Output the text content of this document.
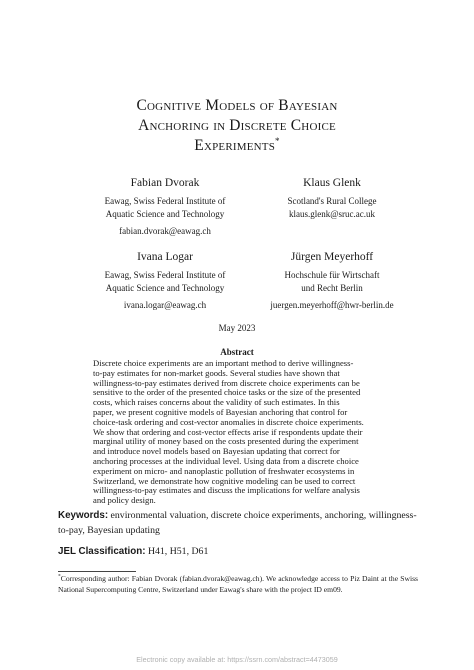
Cognitive Models of Bayesian
Anchoring in Discrete Choice
Experiments*
Fabian Dvorak
Eawag, Swiss Federal Institute of
Aquatic Science and Technology
fabian.dvorak@eawag.ch
Klaus Glenk
Scotland's Rural College
klaus.glenk@sruc.ac.uk
Ivana Logar
Eawag, Swiss Federal Institute of
Aquatic Science and Technology
ivana.logar@eawag.ch
Jürgen Meyerhoff
Hochschule für Wirtschaft
und Recht Berlin
juergen.meyerhoff@hwr-berlin.de
May 2023
Abstract
Discrete choice experiments are an important method to derive willingness-
to-pay estimates for non-market goods. Several studies have shown that
willingness-to-pay estimates derived from discrete choice experiments can be
sensitive to the order of the presented choice tasks or the size of the presented
costs, which raises concerns about the validity of such estimates. In this
paper, we present cognitive models of Bayesian anchoring that control for
choice-task ordering and cost-vector anomalies in discrete choice experiments.
We show that ordering and cost-vector effects arise if respondents update their
marginal utility of money based on the costs presented during the experiment
and introduce novel models based on Bayesian updating that correct for
anchoring processes at the individual level. Using data from a discrete choice
experiment on micro- and nanoplastic pollution of freshwater ecosystems in
Switzerland, we demonstrate how cognitive modeling can be used to correct
willingness-to-pay estimates and discuss the implications for welfare analysis
and policy design.
Keywords: environmental valuation, discrete choice experiments, anchoring, willingness-to-pay, Bayesian updating
JEL Classification: H41, H51, D61
*Corresponding author: Fabian Dvorak (fabian.dvorak@eawag.ch). We acknowledge access to Piz Daint at the Swiss National Supercomputing Centre, Switzerland under Eawag's share with the project ID em09.
Electronic copy available at: https://ssrn.com/abstract=4473059
